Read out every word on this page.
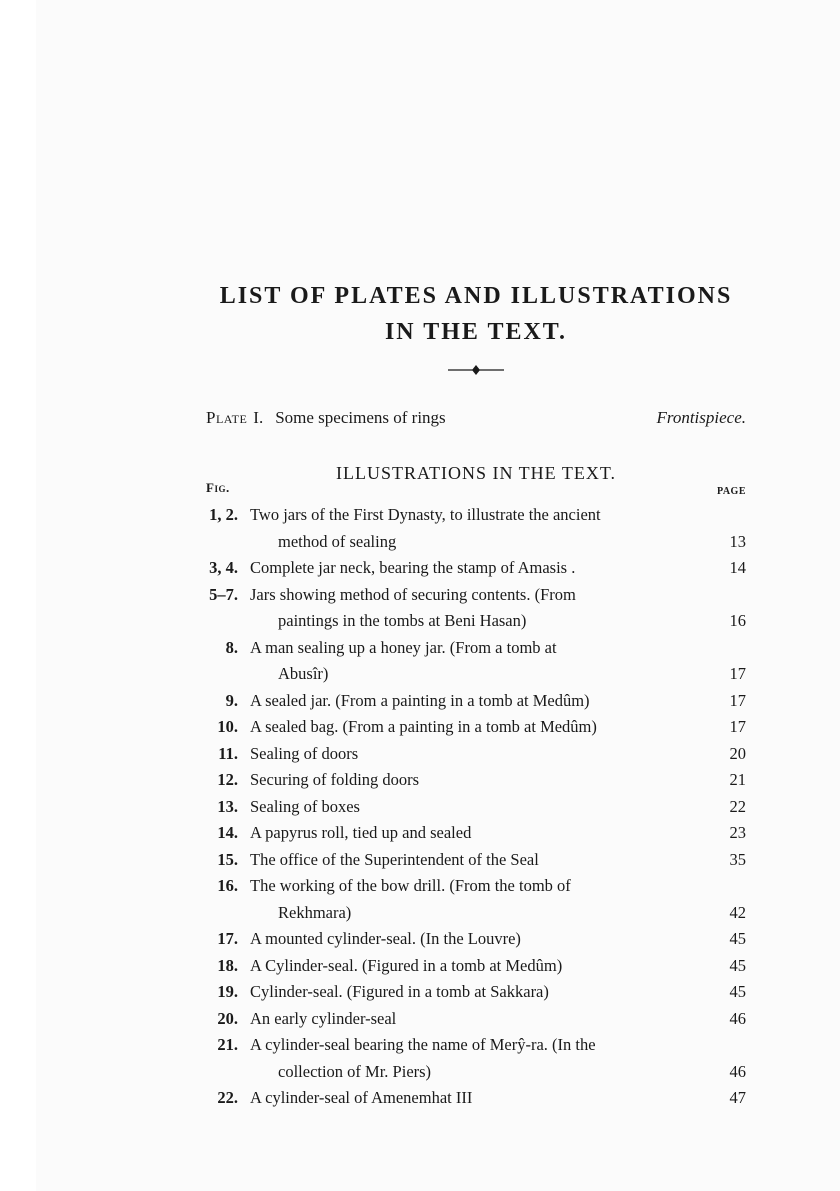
LIST OF PLATES AND ILLUSTRATIONS
IN THE TEXT.
Plate I. Some specimens of rings	Frontispiece.
ILLUSTRATIONS IN THE TEXT.
Fig.	PAGE
1, 2. Two jars of the First Dynasty, to illustrate the ancient
method of sealing	13
3, 4. Complete jar neck, bearing the stamp of Amasis .	14
5–7. Jars showing method of securing contents. (From
paintings in the tombs at Beni Hasan)	16
8. A man sealing up a honey jar. (From a tomb at
Abusîr)	17
9. A sealed jar. (From a painting in a tomb at Medûm)	17
10. A sealed bag. (From a painting in a tomb at Medûm)	17
11. Sealing of doors	20
12. Securing of folding doors	21
13. Sealing of boxes	22
14. A papyrus roll, tied up and sealed	23
15. The office of the Superintendent of the Seal	35
16. The working of the bow drill. (From the tomb of
Rekhmara)	42
17. A mounted cylinder-seal. (In the Louvre)	45
18. A Cylinder-seal. (Figured in a tomb at Medûm)	45
19. Cylinder-seal. (Figured in a tomb at Sakkara)	45
20. An early cylinder-seal	46
21. A cylinder-seal bearing the name of Merŷ-ra. (In the
collection of Mr. Piers)	46
22. A cylinder-seal of Amenemhat III	47
